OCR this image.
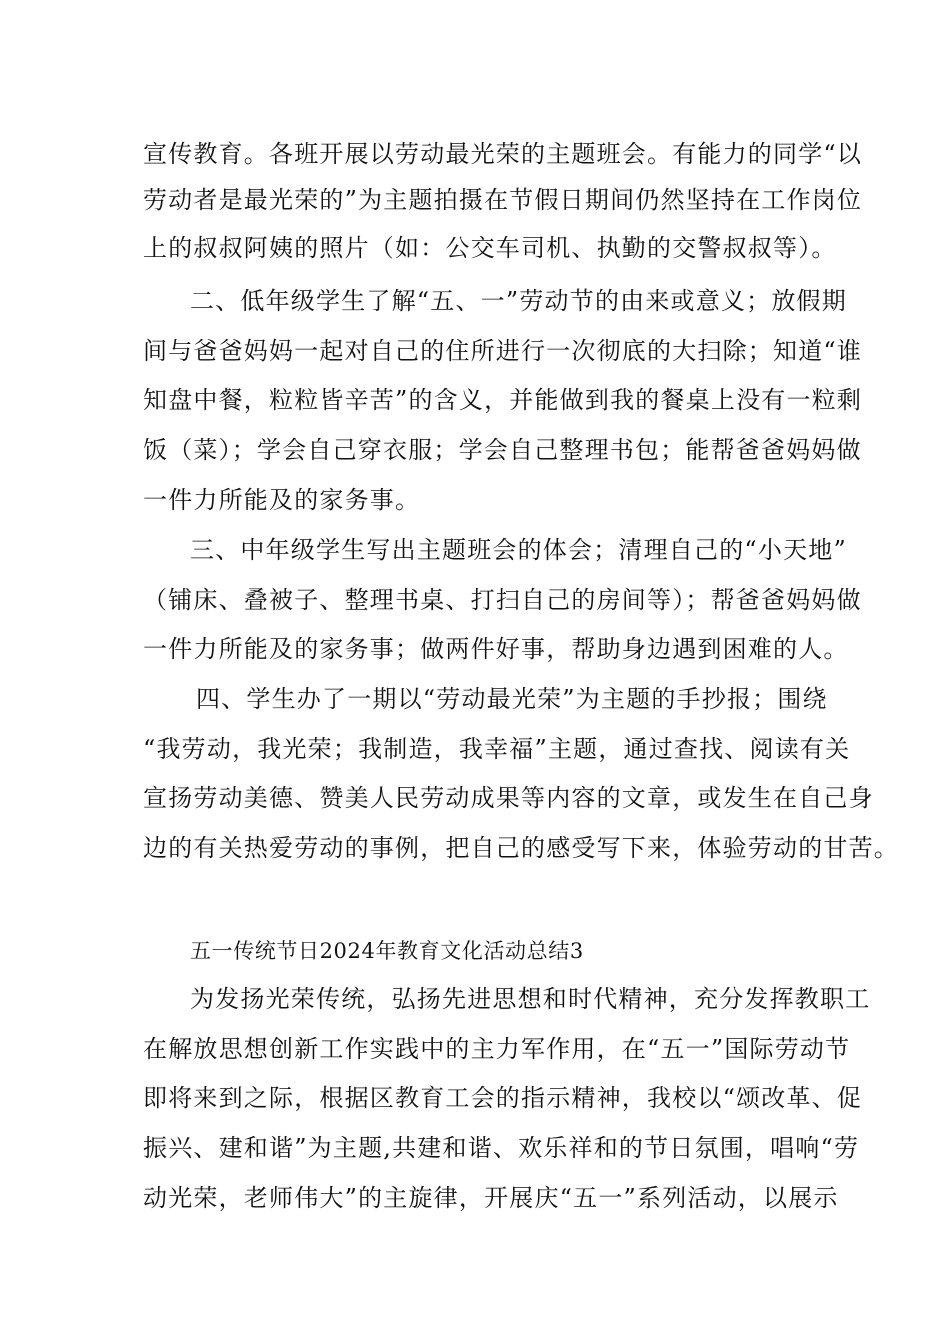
宣传教育。各班开展以劳动最光荣的主题班会。有能力的同学“以
劳动者是最光荣的”为主题拍摄在节假日期间仍然坚持在工作岗位
上的叔叔阿姨的照片（如：公交车司机、执勤的交警叔叔等）。
二、低年级学生了解“五、一”劳动节的由来或意义；放假期
间与爸爸妈妈一起对自己的住所进行一次彻底的大扫除；知道“谁
知盘中餐，粒粒皆辛苦”的含义，并能做到我的餐桌上没有一粒剩
饭（菜）；学会自己穿衣服；学会自己整理书包；能帮爸爸妈妈做
一件力所能及的家务事。
三、中年级学生写出主题班会的体会；清理自己的“小天地”
（铺床、叠被子、整理书桌、打扫自己的房间等）；帮爸爸妈妈做
一件力所能及的家务事；做两件好事，帮助身边遇到困难的人。
四、学生办了一期以“劳动最光荣”为主题的手抄报；围绕
“我劳动，我光荣；我制造，我幸福”主题，通过查找、阅读有关
宣扬劳动美德、赞美人民劳动成果等内容的文章，或发生在自己身
边的有关热爱劳动的事例，把自己的感受写下来，体验劳动的甘苦。
五一传统节日2024年教育文化活动总结3
为发扬光荣传统，弘扬先进思想和时代精神，充分发挥教职工
在解放思想创新工作实践中的主力军作用，在“五一”国际劳动节
即将来到之际，根据区教育工会的指示精神，我校以“颂改革、促
振兴、建和谐”为主题,共建和谐、欢乐祥和的节日氛围，唱响“劳
动光荣，老师伟大”的主旋律，开展庆“五一”系列活动，以展示
